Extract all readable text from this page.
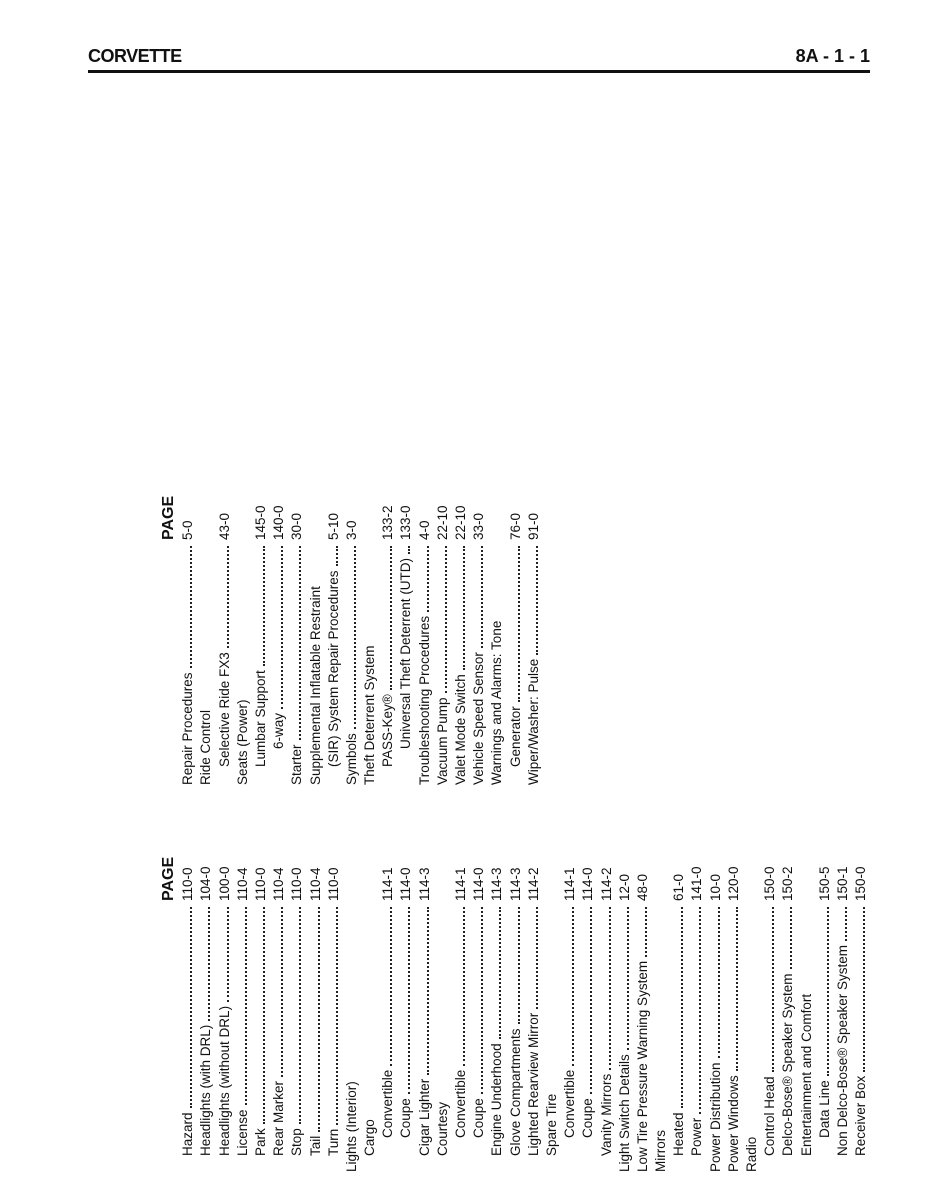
CORVETTE	8A - 1 - 1
PAGE
Hazard
110-0
Headlights (with DRL)
104-0
Headlights (without DRL)
100-0
License
110-4
Park
110-0
Rear Marker
110-4
Stop
110-0
Tail
110-4
Turn
110-0
Lights (Interior) Cargo Convertible
114-1
Coupe
114-0
Cigar Lighter
114-3
Courtesy Convertible
114-1
Coupe
114-0
Engine Underhood
114-3
Glove Compartments
114-3
Lighted Rearview Mirror
114-2
Spare Tire Convertible
114-1
Coupe
114-0
Vanity Mirrors
114-2
Light Switch Details
12-0
Low Tire Pressure Warning System
48-0
Mirrors Heated
61-0
Power
141-0
Power Distribution
10-0
Power Windows
120-0
Radio Control Head
150-0
Delco-Bose® Speaker System
150-2
Entertainment and Comfort Data Line
150-5
Non Delco-Bose® Speaker System
150-1
Receiver Box
150-0
PAGE
Repair Procedures
5-0
Ride Control Selective Ride FX3
43-0
Seats (Power) Lumbar Support
145-0
6-way
140-0
Starter
30-0
Supplemental Inflatable Restraint (SIR) System Repair Procedures
5-10
Symbols
3-0
Theft Deterrent System PASS-Key®
133-2
Universal Theft Deterrent (UTD)
133-0
Troubleshooting Procedures
4-0
Vacuum Pump
22-10
Valet Mode Switch
22-10
Vehicle Speed Sensor
33-0
Warnings and Alarms: Tone Generator
76-0
Wiper/Washer: Pulse
91-0
